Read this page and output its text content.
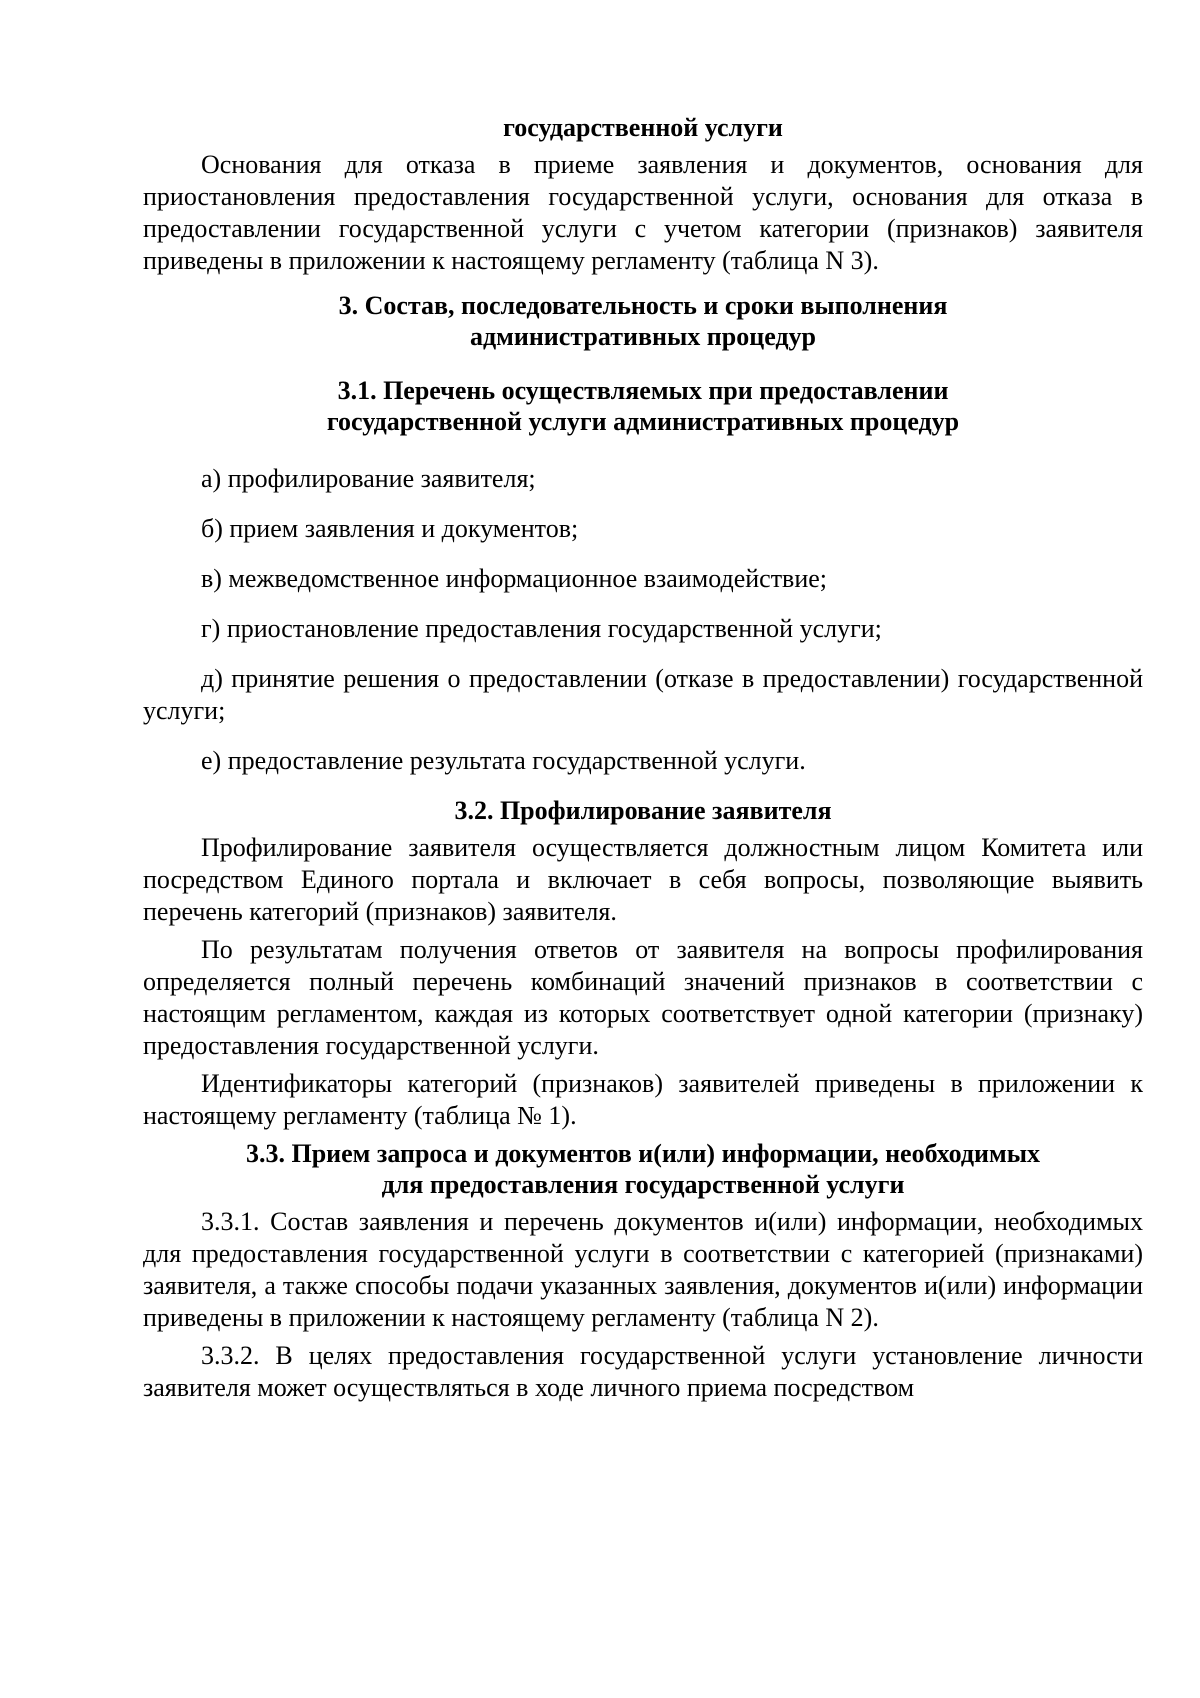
государственной услуги

Основания для отказа в приеме заявления и документов, основания для приостановления предоставления государственной услуги, основания для отказа в предоставлении государственной услуги с учетом категории (признаков) заявителя приведены в приложении к настоящему регламенту (таблица N 3).

3. Состав, последовательность и сроки выполнения

административных процедур

3.1. Перечень осуществляемых при предоставлении

государственной услуги административных процедур

а) профилирование заявителя;

б) прием заявления и документов;

в) межведомственное информационное взаимодействие;

г) приостановление предоставления государственной услуги;

д) принятие решения о предоставлении (отказе в предоставлении) государственной услуги;

е) предоставление результата государственной услуги.

3.2. Профилирование заявителя

Профилирование заявителя осуществляется должностным лицом Комитета или посредством Единого портала и включает в себя вопросы, позволяющие выявить перечень категорий (признаков) заявителя.

По результатам получения ответов от заявителя на вопросы профилирования определяется полный перечень комбинаций значений признаков в соответствии с настоящим регламентом, каждая из которых соответствует одной категории (признаку) предоставления государственной услуги.

Идентификаторы категорий (признаков) заявителей приведены в приложении к настоящему регламенту (таблица № 1).

3.3. Прием запроса и документов и(или) информации, необходимых

для предоставления государственной услуги

3.3.1. Состав заявления и перечень документов и(или) информации, необходимых для предоставления государственной услуги в соответствии с категорией (признаками) заявителя, а также способы подачи указанных заявления, документов и(или) информации приведены в приложении к настоящему регламенту (таблица N 2).

3.3.2. В целях предоставления государственной услуги установление личности заявителя может осуществляться в ходе личного приема посредством
